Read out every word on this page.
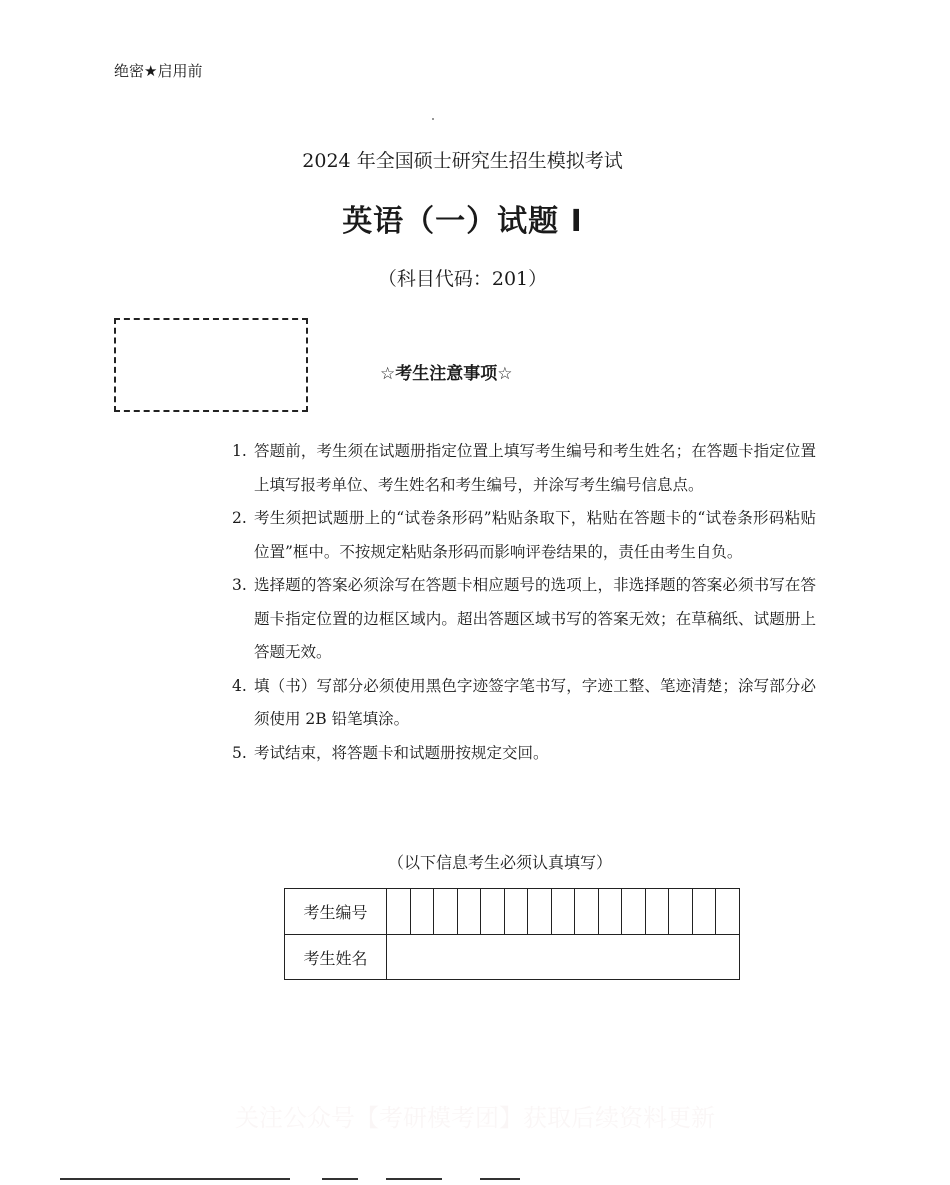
绝密★启用前
2024 年全国硕士研究生招生模拟考试
英语（一）试题 Ⅰ
（科目代码：201）
☆考生注意事项☆
1. 答题前，考生须在试题册指定位置上填写考生编号和考生姓名；在答题卡指定位置上填写报考单位、考生姓名和考生编号，并涂写考生编号信息点。
2. 考生须把试题册上的“试卷条形码”粘贴条取下，粘贴在答题卡的“试卷条形码粘贴位置”框中。不按规定粘贴条形码而影响评卷结果的，责任由考生自负。
3. 选择题的答案必须涂写在答题卡相应题号的选项上，非选择题的答案必须书写在答题卡指定位置的边框区域内。超出答题区域书写的答案无效；在草稿纸、试题册上答题无效。
4. 填（书）写部分必须使用黑色字迹签字笔书写，字迹工整、笔迹清楚；涂写部分必须使用 2B 铅笔填涂。
5. 考试结束，将答题卡和试题册按规定交回。
（以下信息考生必须认真填写）
考生编号
考生姓名
关注公众号【考研模考团】获取后续资料更新
